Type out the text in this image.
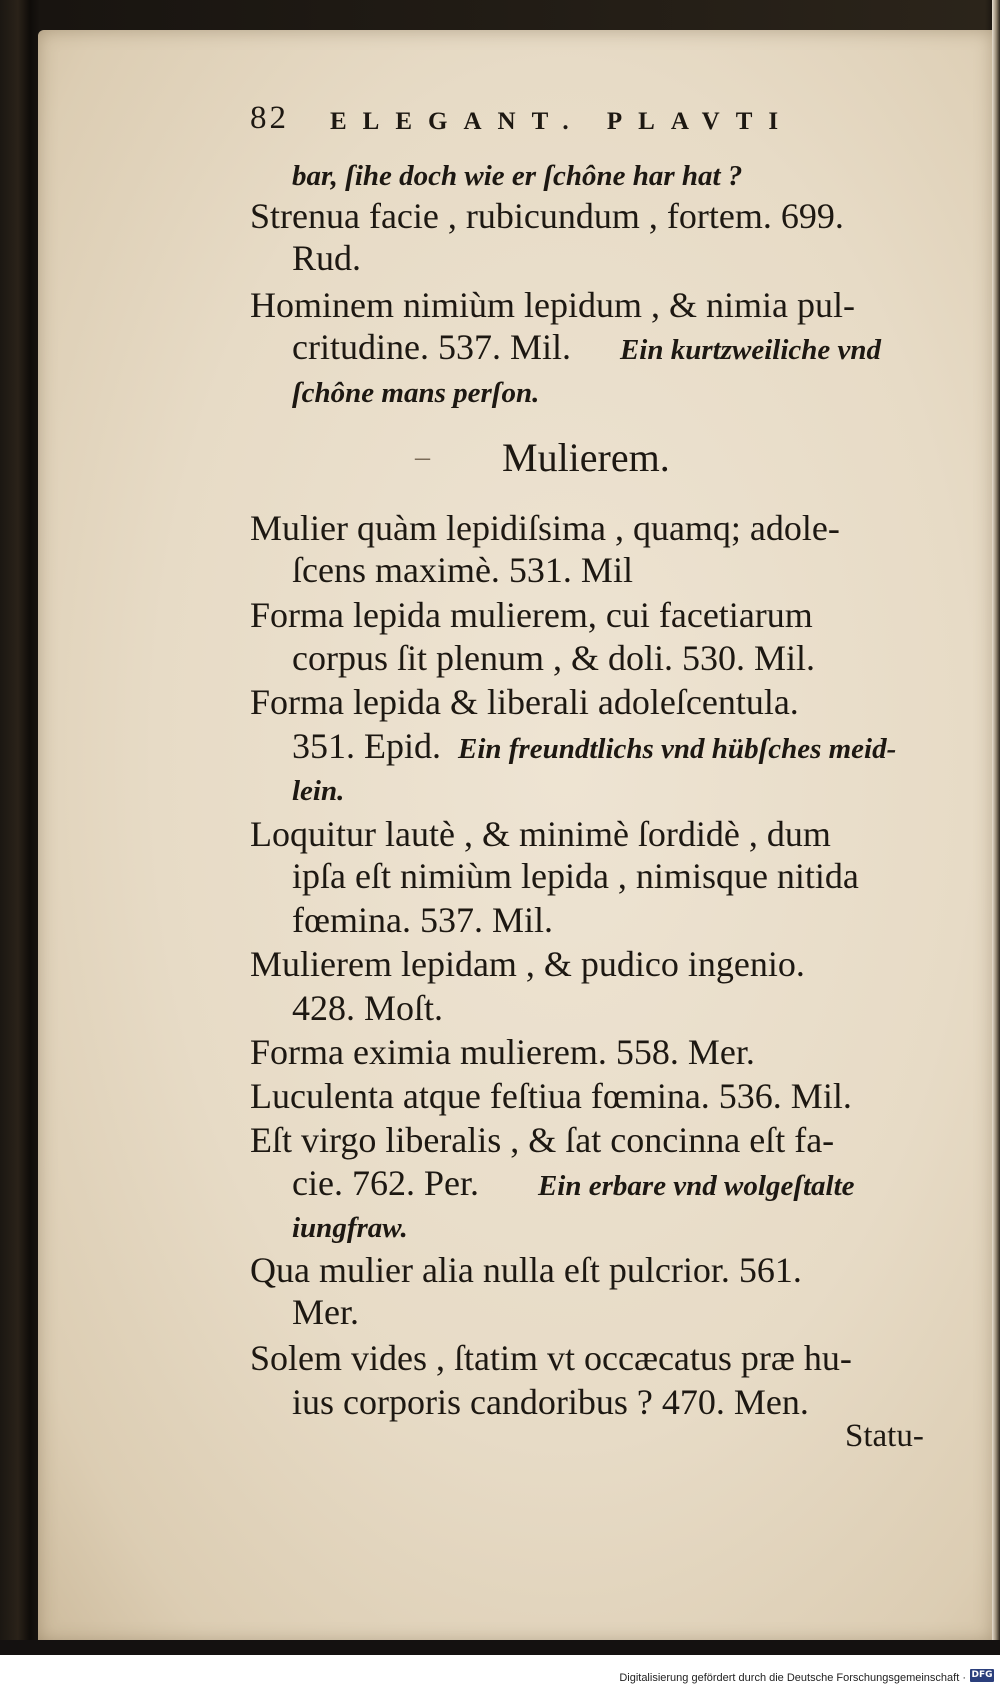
82 ELEGANT. PLAVTI
bar, ſihe doch wie er ſchône har hat ?
Strenua facie , rubicundum , fortem. 699.
Rud.
Hominem nimiùm lepidum , & nimia pul-
critudine. 537. Mil. Ein kurtzweiliche vnd
ſchône mans perſon.
– Mulierem.
Mulier quàm lepidiſsima , quamq; adole-
ſcens maximè. 531. Mil
Forma lepida mulierem, cui facetiarum
corpus ſit plenum , & doli. 530. Mil.
Forma lepida & liberali adoleſcentula.
351. Epid. Ein freundtlichs vnd hübſches meid-
lein.
Loquitur lautè , & minimè ſordidè , dum
ipſa eſt nimiùm lepida , nimisque nitida
fœmina. 537. Mil.
Mulierem lepidam , & pudico ingenio.
428. Moſt.
Forma eximia mulierem. 558. Mer.
Luculenta atque feſtiua fœmina. 536. Mil.
Eſt virgo liberalis , & ſat concinna eſt fa-
cie. 762. Per. Ein erbare vnd wolgeſtalte
iungfraw.
Qua mulier alia nulla eſt pulcrior. 561.
Mer.
Solem vides , ſtatim vt occæcatus præ hu-
ius corporis candoribus ? 470. Men.
Statu-
Digitalisierung gefördert durch die Deutsche Forschungsgemeinschaft · DFG
